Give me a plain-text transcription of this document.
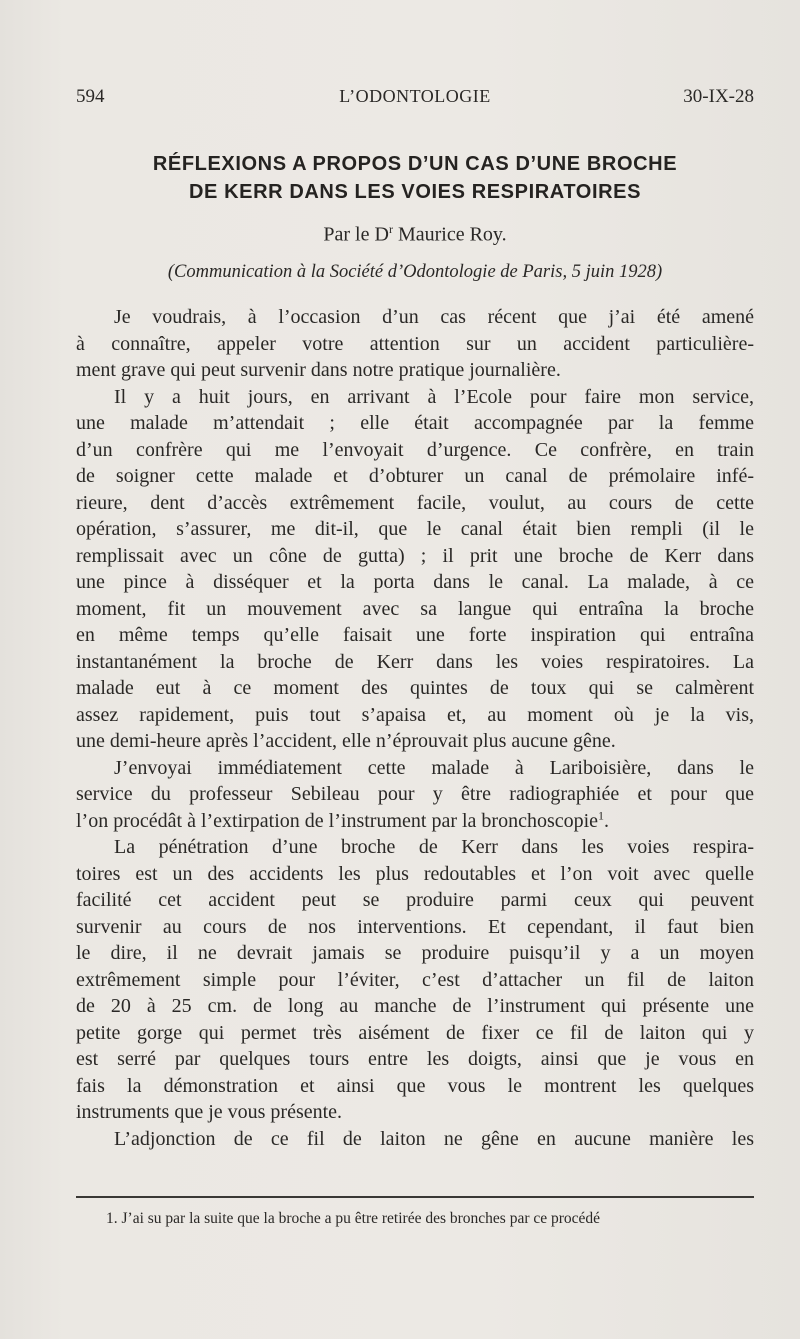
594	L’ODONTOLOGIE	30-IX-28
RÉFLEXIONS A PROPOS D’UN CAS D’UNE BROCHE
DE KERR DANS LES VOIES RESPIRATOIRES
Par le $D^r$ Maurice Roy.
(Communication à la Société d’Odontologie de Paris, 5 juin 1928)
Je voudrais, à l’occasion d’un cas récent que j’ai été amené
à connaître, appeler votre attention sur un accident particulière-
ment grave qui peut survenir dans notre pratique journalière.
Il y a huit jours, en arrivant à l’Ecole pour faire mon service,
une malade m’attendait ; elle était accompagnée par la femme
d’un confrère qui me l’envoyait d’urgence. Ce confrère, en train
de soigner cette malade et d’obturer un canal de prémolaire infé-
rieure, dent d’accès extrêmement facile, voulut, au cours de cette
opération, s’assurer, me dit-il, que le canal était bien rempli (il le
remplissait avec un cône de gutta) ; il prit une broche de Kerr dans
une pince à disséquer et la porta dans le canal. La malade, à ce
moment, fit un mouvement avec sa langue qui entraîna la broche
en même temps qu’elle faisait une forte inspiration qui entraîna
instantanément la broche de Kerr dans les voies respiratoires. La
malade eut à ce moment des quintes de toux qui se calmèrent
assez rapidement, puis tout s’apaisa et, au moment où je la vis,
une demi-heure après l’accident, elle n’éprouvait plus aucune gêne.
J’envoyai immédiatement cette malade à Lariboisière, dans le
service du professeur Sebileau pour y être radiographiée et pour que
l’on procédât à l’extirpation de l’instrument par la bronchoscopie$^1$.
La pénétration d’une broche de Kerr dans les voies respira-
toires est un des accidents les plus redoutables et l’on voit avec quelle
facilité cet accident peut se produire parmi ceux qui peuvent
survenir au cours de nos interventions. Et cependant, il faut bien
le dire, il ne devrait jamais se produire puisqu’il y a un moyen
extrêmement simple pour l’éviter, c’est d’attacher un fil de laiton
de 20 à 25 cm. de long au manche de l’instrument qui présente une
petite gorge qui permet très aisément de fixer ce fil de laiton qui y
est serré par quelques tours entre les doigts, ainsi que je vous en
fais la démonstration et ainsi que vous le montrent les quelques
instruments que je vous présente.
L’adjonction de ce fil de laiton ne gêne en aucune manière les
1. J’ai su par la suite que la broche a pu être retirée des bronches par ce procédé
